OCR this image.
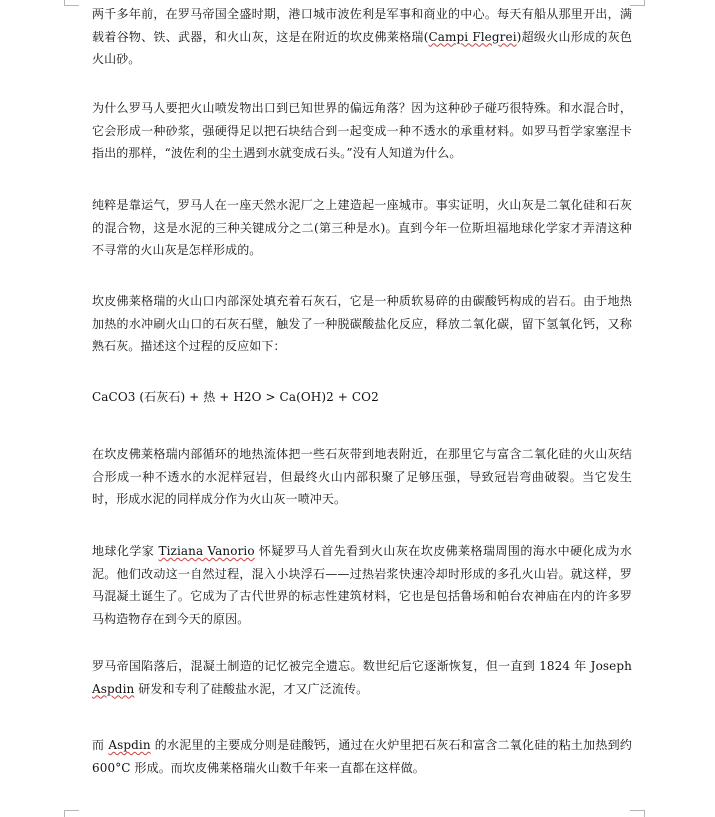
两千多年前，在罗马帝国全盛时期，港口城市波佐利是军事和商业的中心。每天有船从那里开出，满载着谷物、铁、武器，和火山灰，这是在附近的坎皮佛莱格瑞(Campi Flegrei)超级火山形成的灰色火山砂。

为什么罗马人要把火山喷发物出口到已知世界的偏远角落？因为这种砂子碰巧很特殊。和水混合时，它会形成一种砂浆，强硬得足以把石块结合到一起变成一种不透水的承重材料。如罗马哲学家塞涅卡指出的那样，“波佐利的尘土遇到水就变成石头。”没有人知道为什么。

纯粹是靠运气，罗马人在一座天然水泥厂之上建造起一座城市。事实证明，火山灰是二氧化硅和石灰的混合物，这是水泥的三种关键成分之二(第三种是水)。直到今年一位斯坦福地球化学家才弄清这种不寻常的火山灰是怎样形成的。

坎皮佛莱格瑞的火山口内部深处填充着石灰石，它是一种质软易碎的由碳酸钙构成的岩石。由于地热加热的水冲刷火山口的石灰石壁，触发了一种脱碳酸盐化反应，释放二氧化碳，留下氢氧化钙，又称熟石灰。描述这个过程的反应如下：

CaCO3 (石灰石) + 热 + H2O > Ca(OH)2 + CO2

在坎皮佛莱格瑞内部循环的地热流体把一些石灰带到地表附近，在那里它与富含二氧化硅的火山灰结合形成一种不透水的水泥样冠岩，但最终火山内部积聚了足够压强，导致冠岩弯曲破裂。当它发生时，形成水泥的同样成分作为火山灰一喷冲天。

地球化学家 Tiziana Vanorio 怀疑罗马人首先看到火山灰在坎皮佛莱格瑞周围的海水中硬化成为水泥。他们改动这一自然过程，混入小块浮石——过热岩浆快速冷却时形成的多孔火山岩。就这样，罗马混凝土诞生了。它成为了古代世界的标志性建筑材料，它也是包括鲁场和帕台农神庙在内的许多罗马构造物存在到今天的原因。

罗马帝国陷落后，混凝土制造的记忆被完全遗忘。数世纪后它逐渐恢复，但一直到 1824 年 Joseph Aspdin 研发和专利了硅酸盐水泥，才又广泛流传。

而 Aspdin 的水泥里的主要成分则是硅酸钙，通过在火炉里把石灰石和富含二氧化硅的粘土加热到约 600°C 形成。而坎皮佛莱格瑞火山数千年来一直都在这样做。
